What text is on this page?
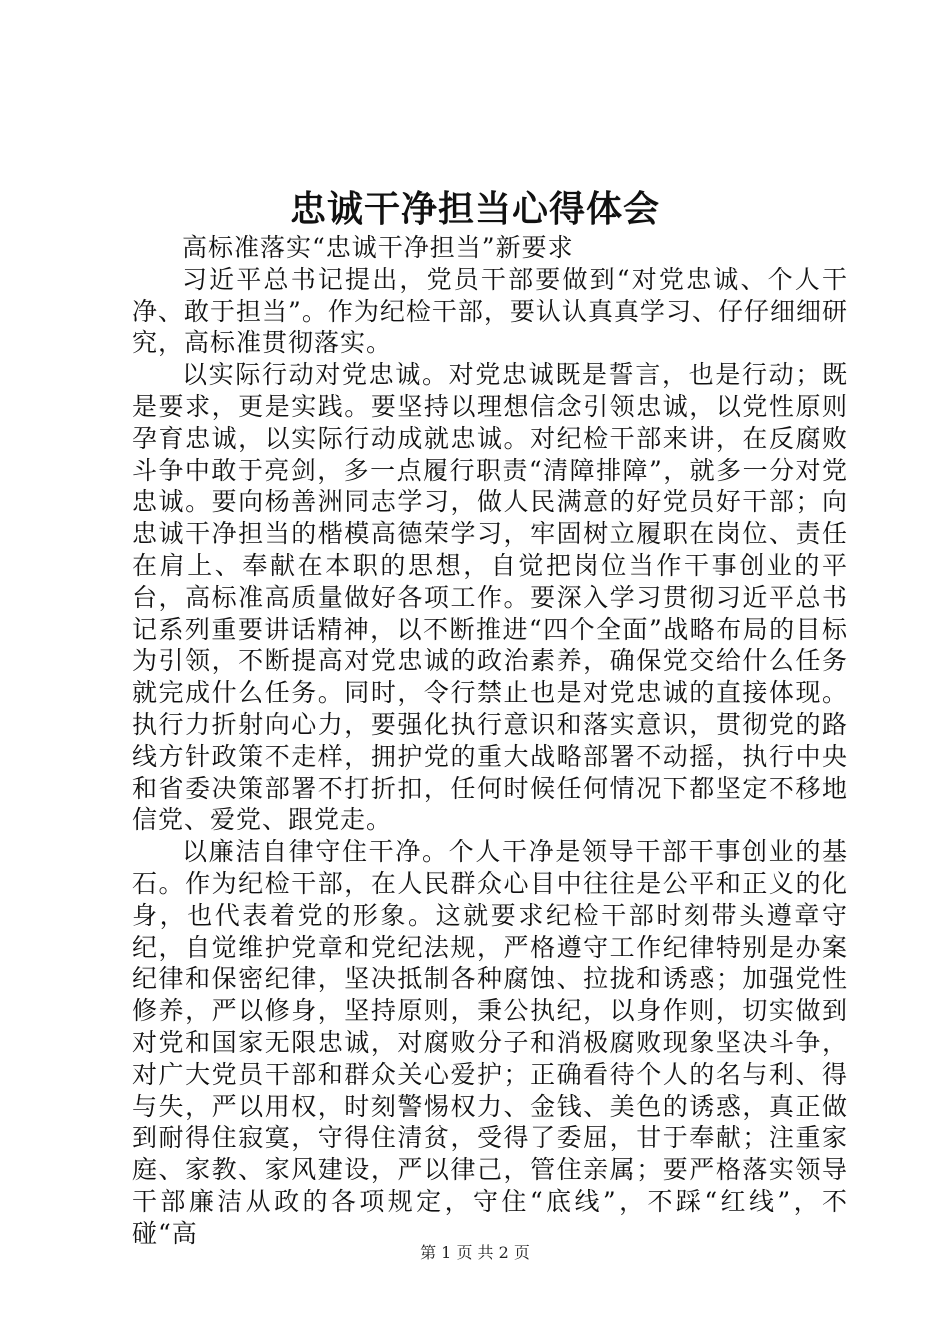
忠诚干净担当心得体会

高标准落实“忠诚干净担当”新要求

习近平总书记提出，党员干部要做到“对党忠诚、个人干净、敢于担当”。作为纪检干部，要认认真真学习、仔仔细细研究，高标准贯彻落实。

以实际行动对党忠诚。对党忠诚既是誓言，也是行动；既是要求，更是实践。要坚持以理想信念引领忠诚，以党性原则孕育忠诚，以实际行动成就忠诚。对纪检干部来讲，在反腐败斗争中敢于亮剑，多一点履行职责“清障排障”，就多一分对党忠诚。要向杨善洲同志学习，做人民满意的好党员好干部；向忠诚干净担当的楷模高德荣学习，牢固树立履职在岗位、责任在肩上、奉献在本职的思想，自觉把岗位当作干事创业的平台，高标准高质量做好各项工作。要深入学习贯彻习近平总书记系列重要讲话精神，以不断推进“四个全面”战略布局的目标为引领，不断提高对党忠诚的政治素养，确保党交给什么任务就完成什么任务。同时，令行禁止也是对党忠诚的直接体现。执行力折射向心力，要强化执行意识和落实意识，贯彻党的路线方针政策不走样，拥护党的重大战略部署不动摇，执行中央和省委决策部署不打折扣，任何时候任何情况下都坚定不移地信党、爱党、跟党走。

以廉洁自律守住干净。个人干净是领导干部干事创业的基石。作为纪检干部，在人民群众心目中往往是公平和正义的化身，也代表着党的形象。这就要求纪检干部时刻带头遵章守纪，自觉维护党章和党纪法规，严格遵守工作纪律特别是办案纪律和保密纪律，坚决抵制各种腐蚀、拉拢和诱惑；加强党性修养，严以修身，坚持原则，秉公执纪，以身作则，切实做到对党和国家无限忠诚，对腐败分子和消极腐败现象坚决斗争，对广大党员干部和群众关心爱护；正确看待个人的名与利、得与失，严以用权，时刻警惕权力、金钱、美色的诱惑，真正做到耐得住寂寞，守得住清贫，受得了委屈，甘于奉献；注重家庭、家教、家风建设，严以律己，管住亲属；要严格落实领导干部廉洁从政的各项规定，守住“底线”，不踩“红线”，不碰“高

第 1 页 共 2 页
